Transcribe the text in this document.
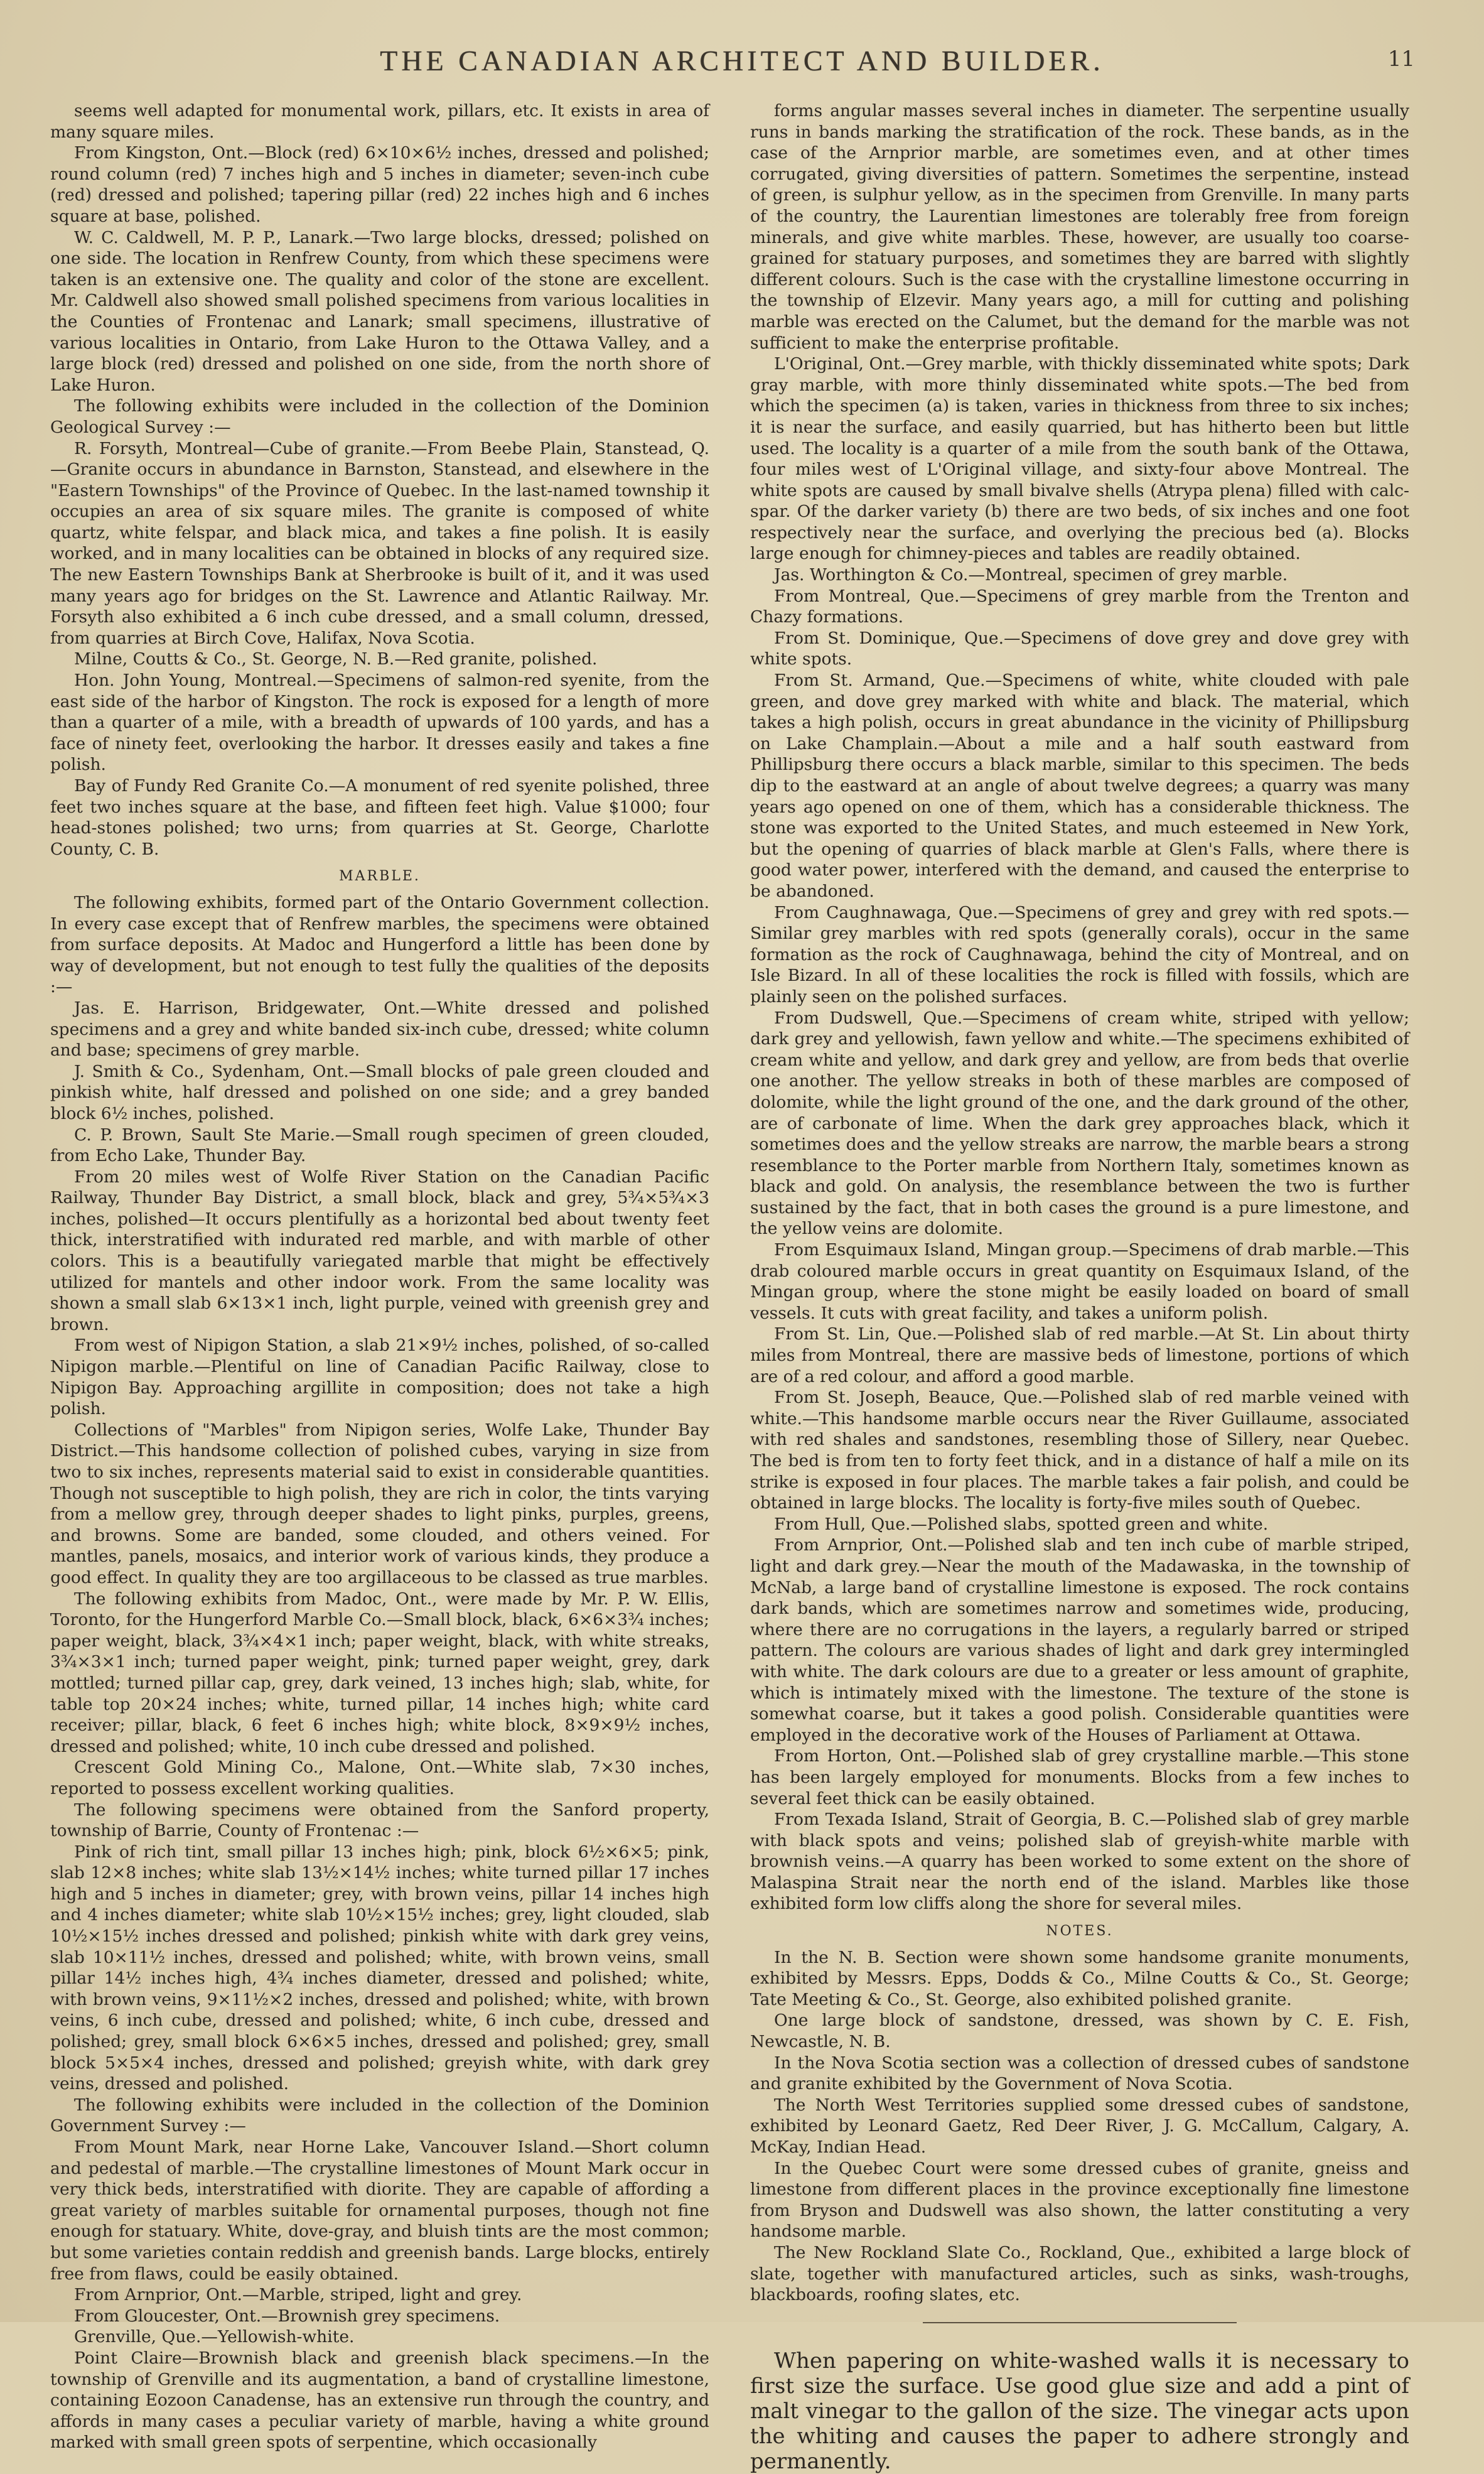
THE CANADIAN ARCHITECT AND BUILDER.	11

seems well adapted for monumental work, pillars, etc. It exists in area of many square miles.

From Kingston, Ont.—Block (red) 6×10×6½ inches, dressed and polished; round column (red) 7 inches high and 5 inches in diameter; seven-inch cube (red) dressed and polished; tapering pillar (red) 22 inches high and 6 inches square at base, polished.

W. C. Caldwell, M. P. P., Lanark.—Two large blocks, dressed; polished on one side. The location in Renfrew County, from which these specimens were taken is an extensive one. The quality and color of the stone are excellent. Mr. Caldwell also showed small polished specimens from various localities in the Counties of Frontenac and Lanark; small specimens, illustrative of various localities in Ontario, from Lake Huron to the Ottawa Valley, and a large block (red) dressed and polished on one side, from the north shore of Lake Huron.

The following exhibits were included in the collection of the Dominion Geological Survey :—

R. Forsyth, Montreal—Cube of granite.—From Beebe Plain, Stanstead, Q.—Granite occurs in abundance in Barnston, Stanstead, and elsewhere in the "Eastern Townships" of the Province of Quebec. In the last-named township it occupies an area of six square miles. The granite is composed of white quartz, white felspar, and black mica, and takes a fine polish. It is easily worked, and in many localities can be obtained in blocks of any required size. The new Eastern Townships Bank at Sherbrooke is built of it, and it was used many years ago for bridges on the St. Lawrence and Atlantic Railway. Mr. Forsyth also exhibited a 6 inch cube dressed, and a small column, dressed, from quarries at Birch Cove, Halifax, Nova Scotia.

Milne, Coutts & Co., St. George, N. B.—Red granite, polished.

Hon. John Young, Montreal.—Specimens of salmon-red syenite, from the east side of the harbor of Kingston. The rock is exposed for a length of more than a quarter of a mile, with a breadth of upwards of 100 yards, and has a face of ninety feet, overlooking the harbor. It dresses easily and takes a fine polish.

Bay of Fundy Red Granite Co.—A monument of red syenite polished, three feet two inches square at the base, and fifteen feet high. Value $1000; four head-stones polished; two urns; from quarries at St. George, Charlotte County, C. B.

MARBLE.

The following exhibits, formed part of the Ontario Government collection. In every case except that of Renfrew marbles, the specimens were obtained from surface deposits. At Madoc and Hungerford a little has been done by way of development, but not enough to test fully the qualities of the deposits :—

Jas. E. Harrison, Bridgewater, Ont.—White dressed and polished specimens and a grey and white banded six-inch cube, dressed; white column and base; specimens of grey marble.

J. Smith & Co., Sydenham, Ont.—Small blocks of pale green clouded and pinkish white, half dressed and polished on one side; and a grey banded block 6½ inches, polished.

C. P. Brown, Sault Ste Marie.—Small rough specimen of green clouded, from Echo Lake, Thunder Bay.

From 20 miles west of Wolfe River Station on the Canadian Pacific Railway, Thunder Bay District, a small block, black and grey, 5¾×5¾×3 inches, polished—It occurs plentifully as a horizontal bed about twenty feet thick, interstratified with indurated red marble, and with marble of other colors. This is a beautifully variegated marble that might be effectively utilized for mantels and other indoor work. From the same locality was shown a small slab 6×13×1 inch, light purple, veined with greenish grey and brown.

From west of Nipigon Station, a slab 21×9½ inches, polished, of so-called Nipigon marble.—Plentiful on line of Canadian Pacific Railway, close to Nipigon Bay. Approaching argillite in composition; does not take a high polish.

Collections of "Marbles" from Nipigon series, Wolfe Lake, Thunder Bay District.—This handsome collection of polished cubes, varying in size from two to six inches, represents material said to exist in considerable quantities. Though not susceptible to high polish, they are rich in color, the tints varying from a mellow grey, through deeper shades to light pinks, purples, greens, and browns. Some are banded, some clouded, and others veined. For mantles, panels, mosaics, and interior work of various kinds, they produce a good effect. In quality they are too argillaceous to be classed as true marbles.

The following exhibits from Madoc, Ont., were made by Mr. P. W. Ellis, Toronto, for the Hungerford Marble Co.—Small block, black, 6×6×3¾ inches; paper weight, black, 3¾×4×1 inch; paper weight, black, with white streaks, 3¾×3×1 inch; turned paper weight, pink; turned paper weight, grey, dark mottled; turned pillar cap, grey, dark veined, 13 inches high; slab, white, for table top 20×24 inches; white, turned pillar, 14 inches high; white card receiver; pillar, black, 6 feet 6 inches high; white block, 8×9×9½ inches, dressed and polished; white, 10 inch cube dressed and polished.

Crescent Gold Mining Co., Malone, Ont.—White slab, 7×30 inches, reported to possess excellent working qualities.

The following specimens were obtained from the Sanford property, township of Barrie, County of Frontenac :—

Pink of rich tint, small pillar 13 inches high; pink, block 6½×6×5; pink, slab 12×8 inches; white slab 13½×14½ inches; white turned pillar 17 inches high and 5 inches in diameter; grey, with brown veins, pillar 14 inches high and 4 inches diameter; white slab 10½×15½ inches; grey, light clouded, slab 10½×15½ inches dressed and polished; pinkish white with dark grey veins, slab 10×11½ inches, dressed and polished; white, with brown veins, small pillar 14½ inches high, 4¾ inches diameter, dressed and polished; white, with brown veins, 9×11½×2 inches, dressed and polished; white, with brown veins, 6 inch cube, dressed and polished; white, 6 inch cube, dressed and polished; grey, small block 6×6×5 inches, dressed and polished; grey, small block 5×5×4 inches, dressed and polished; greyish white, with dark grey veins, dressed and polished.

The following exhibits were included in the collection of the Dominion Government Survey :—

From Mount Mark, near Horne Lake, Vancouver Island.—Short column and pedestal of marble.—The crystalline limestones of Mount Mark occur in very thick beds, interstratified with diorite. They are capable of affording a great variety of marbles suitable for ornamental purposes, though not fine enough for statuary. White, dove-gray, and bluish tints are the most common; but some varieties contain reddish and greenish bands. Large blocks, entirely free from flaws, could be easily obtained.

From Arnprior, Ont.—Marble, striped, light and grey.

From Gloucester, Ont.—Brownish grey specimens.

Grenville, Que.—Yellowish-white.

Point Claire—Brownish black and greenish black specimens.—In the township of Grenville and its augmentation, a band of crystalline limestone, containing Eozoon Canadense, has an extensive run through the country, and affords in many cases a peculiar variety of marble, having a white ground marked with small green spots of serpentine, which occasionally

forms angular masses several inches in diameter. The serpentine usually runs in bands marking the stratification of the rock. These bands, as in the case of the Arnprior marble, are sometimes even, and at other times corrugated, giving diversities of pattern. Sometimes the serpentine, instead of green, is sulphur yellow, as in the specimen from Grenville. In many parts of the country, the Laurentian limestones are tolerably free from foreign minerals, and give white marbles. These, however, are usually too coarse-grained for statuary purposes, and sometimes they are barred with slightly different colours. Such is the case with the crystalline limestone occurring in the township of Elzevir. Many years ago, a mill for cutting and polishing marble was erected on the Calumet, but the demand for the marble was not sufficient to make the enterprise profitable.

L'Original, Ont.—Grey marble, with thickly disseminated white spots; Dark gray marble, with more thinly disseminated white spots.—The bed from which the specimen (a) is taken, varies in thickness from three to six inches; it is near the surface, and easily quarried, but has hitherto been but little used. The locality is a quarter of a mile from the south bank of the Ottawa, four miles west of L'Original village, and sixty-four above Montreal. The white spots are caused by small bivalve shells (Atrypa plena) filled with calc-spar. Of the darker variety (b) there are two beds, of six inches and one foot respectively near the surface, and overlying the precious bed (a). Blocks large enough for chimney-pieces and tables are readily obtained.

Jas. Worthington & Co.—Montreal, specimen of grey marble.

From Montreal, Que.—Specimens of grey marble from the Trenton and Chazy formations.

From St. Dominique, Que.—Specimens of dove grey and dove grey with white spots.

From St. Armand, Que.—Specimens of white, white clouded with pale green, and dove grey marked with white and black. The material, which takes a high polish, occurs in great abundance in the vicinity of Phillipsburg on Lake Champlain.—About a mile and a half south eastward from Phillipsburg there occurs a black marble, similar to this specimen. The beds dip to the eastward at an angle of about twelve degrees; a quarry was many years ago opened on one of them, which has a considerable thickness. The stone was exported to the United States, and much esteemed in New York, but the opening of quarries of black marble at Glen's Falls, where there is good water power, interfered with the demand, and caused the enterprise to be abandoned.

From Caughnawaga, Que.—Specimens of grey and grey with red spots.—Similar grey marbles with red spots (generally corals), occur in the same formation as the rock of Caughnawaga, behind the city of Montreal, and on Isle Bizard. In all of these localities the rock is filled with fossils, which are plainly seen on the polished surfaces.

From Dudswell, Que.—Specimens of cream white, striped with yellow; dark grey and yellowish, fawn yellow and white.—The specimens exhibited of cream white and yellow, and dark grey and yellow, are from beds that overlie one another. The yellow streaks in both of these marbles are composed of dolomite, while the light ground of the one, and the dark ground of the other, are of carbonate of lime. When the dark grey approaches black, which it sometimes does and the yellow streaks are narrow, the marble bears a strong resemblance to the Porter marble from Northern Italy, sometimes known as black and gold. On analysis, the resemblance between the two is further sustained by the fact, that in both cases the ground is a pure limestone, and the yellow veins are dolomite.

From Esquimaux Island, Mingan group.—Specimens of drab marble.—This drab coloured marble occurs in great quantity on Esquimaux Island, of the Mingan group, where the stone might be easily loaded on board of small vessels. It cuts with great facility, and takes a uniform polish.

From St. Lin, Que.—Polished slab of red marble.—At St. Lin about thirty miles from Montreal, there are massive beds of limestone, portions of which are of a red colour, and afford a good marble.

From St. Joseph, Beauce, Que.—Polished slab of red marble veined with white.—This handsome marble occurs near the River Guillaume, associated with red shales and sandstones, resembling those of Sillery, near Quebec. The bed is from ten to forty feet thick, and in a distance of half a mile on its strike is exposed in four places. The marble takes a fair polish, and could be obtained in large blocks. The locality is forty-five miles south of Quebec.

From Hull, Que.—Polished slabs, spotted green and white.

From Arnprior, Ont.—Polished slab and ten inch cube of marble striped, light and dark grey.—Near the mouth of the Madawaska, in the township of McNab, a large band of crystalline limestone is exposed. The rock contains dark bands, which are sometimes narrow and sometimes wide, producing, where there are no corrugations in the layers, a regularly barred or striped pattern. The colours are various shades of light and dark grey intermingled with white. The dark colours are due to a greater or less amount of graphite, which is intimately mixed with the limestone. The texture of the stone is somewhat coarse, but it takes a good polish. Considerable quantities were employed in the decorative work of the Houses of Parliament at Ottawa.

From Horton, Ont.—Polished slab of grey crystalline marble.—This stone has been largely employed for monuments. Blocks from a few inches to several feet thick can be easily obtained.

From Texada Island, Strait of Georgia, B. C.—Polished slab of grey marble with black spots and veins; polished slab of greyish-white marble with brownish veins.—A quarry has been worked to some extent on the shore of Malaspina Strait near the north end of the island. Marbles like those exhibited form low cliffs along the shore for several miles.

NOTES.

In the N. B. Section were shown some handsome granite monuments, exhibited by Messrs. Epps, Dodds & Co., Milne Coutts & Co., St. George; Tate Meeting & Co., St. George, also exhibited polished granite.

One large block of sandstone, dressed, was shown by C. E. Fish, Newcastle, N. B.

In the Nova Scotia section was a collection of dressed cubes of sandstone and granite exhibited by the Government of Nova Scotia.

The North West Territories supplied some dressed cubes of sandstone, exhibited by Leonard Gaetz, Red Deer River, J. G. McCallum, Calgary, A. McKay, Indian Head.

In the Quebec Court were some dressed cubes of granite, gneiss and limestone from different places in the province exceptionally fine limestone from Bryson and Dudswell was also shown, the latter constituting a very handsome marble.

The New Rockland Slate Co., Rockland, Que., exhibited a large block of slate, together with manufactured articles, such as sinks, wash-troughs, blackboards, roofing slates, etc.

When papering on white-washed walls it is necessary to first size the surface. Use good glue size and add a pint of malt vinegar to the gallon of the size. The vinegar acts upon the whiting and causes the paper to adhere strongly and permanently.
